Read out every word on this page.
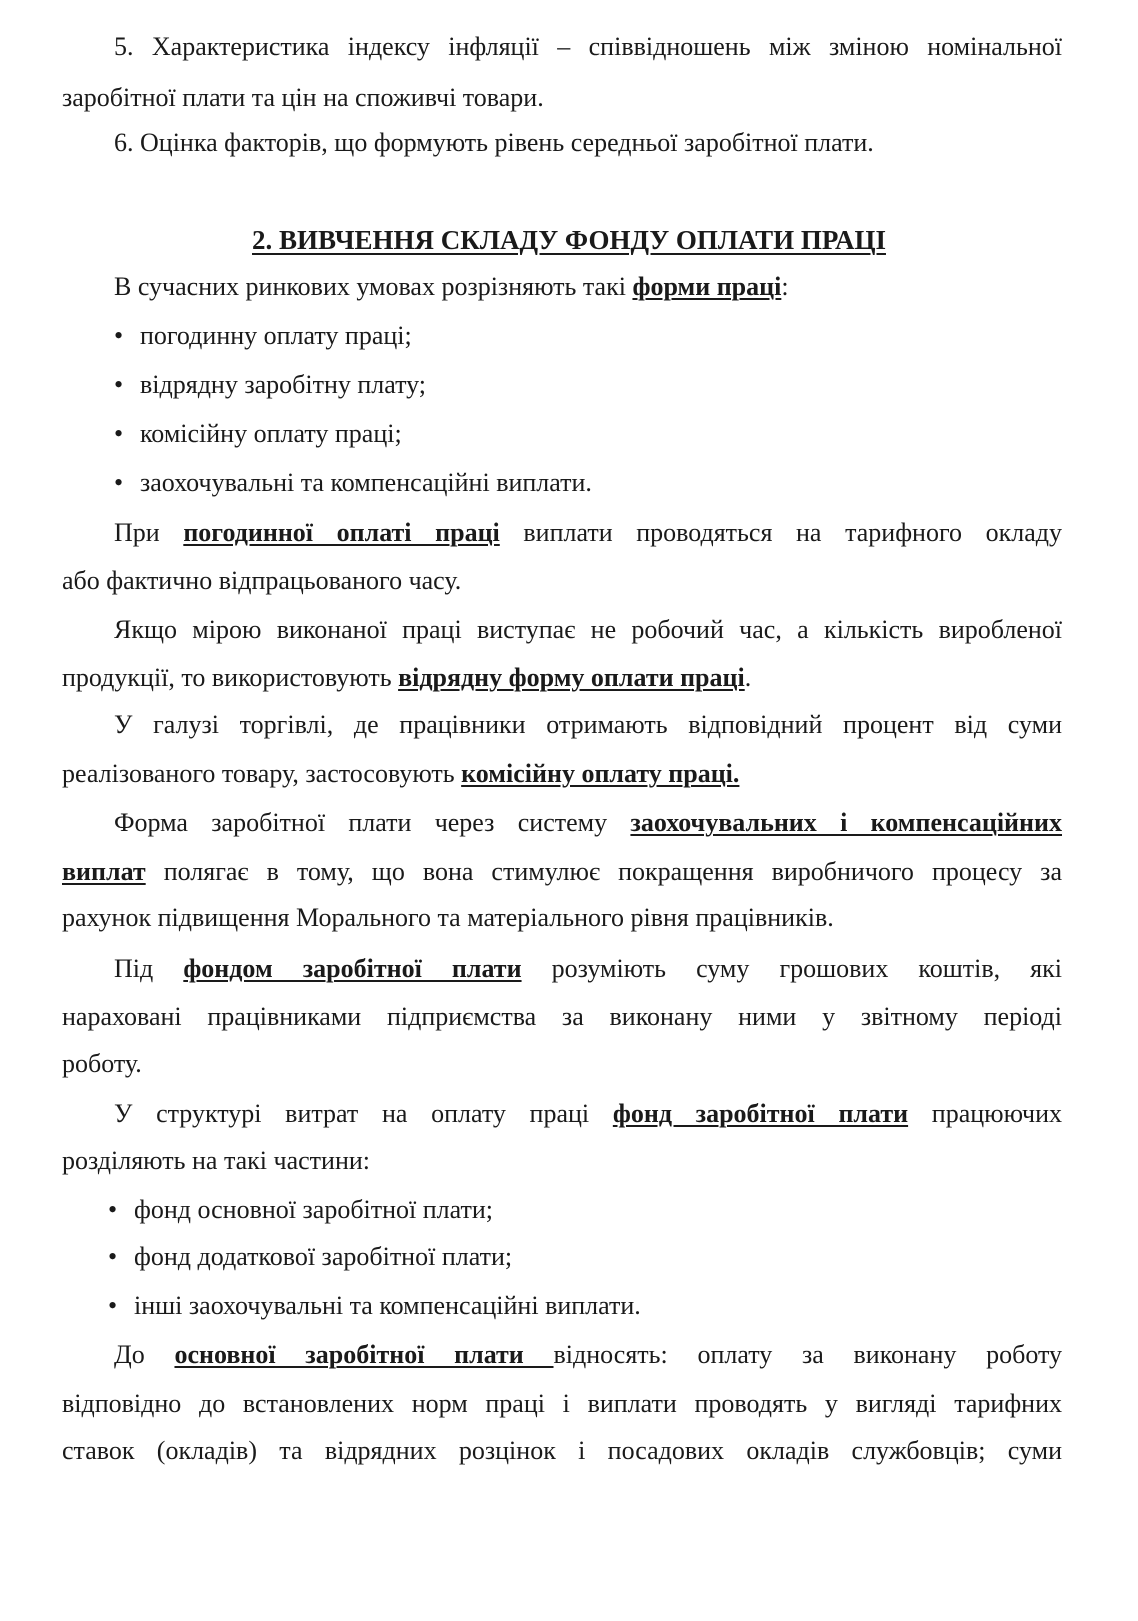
5. Характеристика індексу інфляції – співвідношень між зміною номінальної
заробітної плати та цін на споживчі товари.
6. Оцінка факторів, що формують рівень середньої заробітної плати.
2. ВИВЧЕННЯ СКЛАДУ ФОНДУ ОПЛАТИ ПРАЦІ
В сучасних ринкових умовах розрізняють такі форми праці:
• погодинну оплату праці;
• відрядну заробітну плату;
• комісійну оплату праці;
• заохочувальні та компенсаційні виплати.
При погодинної оплаті праці виплати проводяться на тарифного окладу
або фактично відпрацьованого часу.
Якщо мірою виконаної праці виступає не робочий час, а кількість виробленої
продукції, то використовують відрядну форму оплати праці.
У галузі торгівлі, де працівники отримають відповідний процент від суми
реалізованого товару, застосовують комісійну оплату праці.
Форма заробітної плати через систему заохочувальних і компенсаційних
виплат полягає в тому, що вона стимулює покращення виробничого процесу за
рахунок підвищення Морального та матеріального рівня працівників.
Під фондом заробітної плати розуміють суму грошових коштів, які
нараховані працівниками підприємства за виконану ними у звітному періоді
роботу.
У структурі витрат на оплату праці фонд заробітної плати працюючих
розділяють на такі частини:
• фонд основної заробітної плати;
• фонд додаткової заробітної плати;
• інші заохочувальні та компенсаційні виплати.
До основної заробітної плати відносять: оплату за виконану роботу
відповідно до встановлених норм праці і виплати проводять у вигляді тарифних
ставок (окладів) та відрядних розцінок і посадових окладів службовців; суми
